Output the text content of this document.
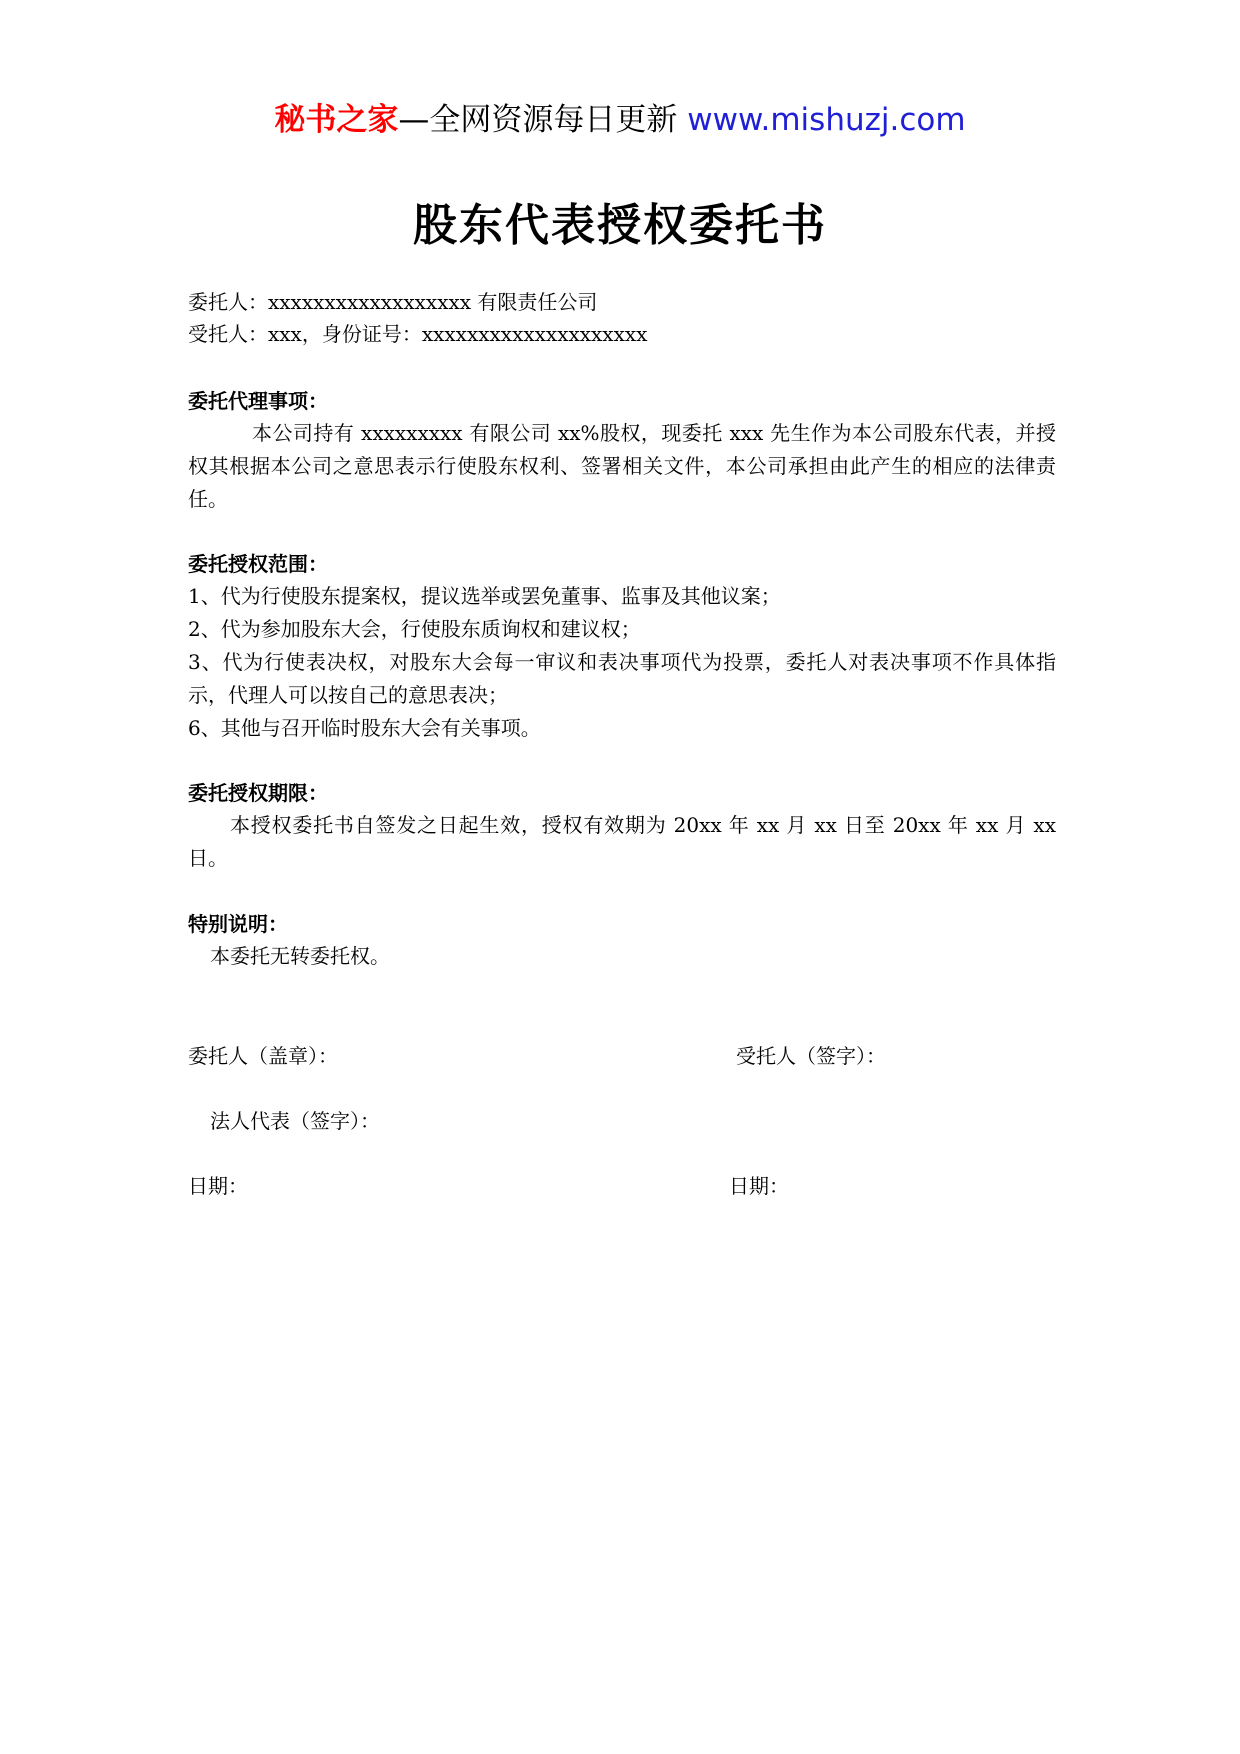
秘书之家—全网资源每日更新 www.mishuzj.com
股东代表授权委托书
委托人：xxxxxxxxxxxxxxxxxx 有限责任公司
受托人：xxx，身份证号：xxxxxxxxxxxxxxxxxxxx
委托代理事项：
本公司持有 xxxxxxxxx 有限公司 xx%股权，现委托 xxx 先生作为本公司股东代表，并授权其根据本公司之意思表示行使股东权利、签署相关文件，本公司承担由此产生的相应的法律责任。
委托授权范围：
1、代为行使股东提案权，提议选举或罢免董事、监事及其他议案；
2、代为参加股东大会，行使股东质询权和建议权；
3、代为行使表决权，对股东大会每一审议和表决事项代为投票，委托人对表决事项不作具体指示，代理人可以按自己的意思表决；
6、其他与召开临时股东大会有关事项。
委托授权期限：
本授权委托书自签发之日起生效，授权有效期为 20xx 年 xx 月 xx 日至 20xx 年 xx 月 xx 日。
特别说明：
本委托无转委托权。
委托人（盖章）：	受托人（签字）：
法人代表（签字）：
日期：	日期：
